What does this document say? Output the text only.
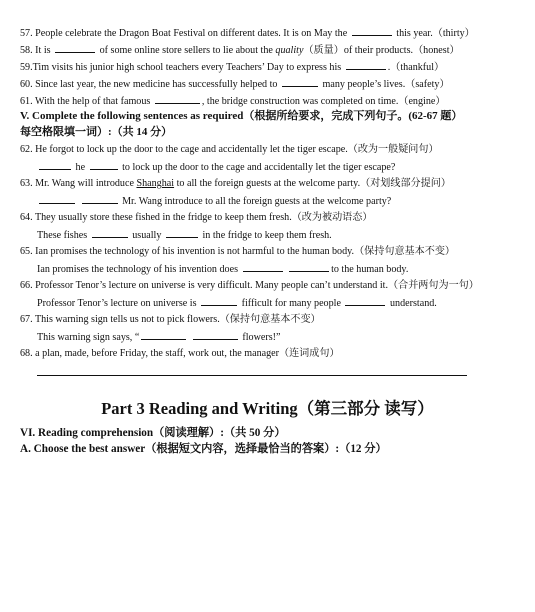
57. People celebrate the Dragon Boat Festival on different dates. It is on May the	this year.（thirty）
58. It is	of some online store sellers to lie about the quality（质量）of their products.（honest）
59.Tim visits his junior high school teachers every Teachers’ Day to express his	.（thankful）
60. Since last year, the new medicine has successfully helped to	many people’s lives.（safety）
61. With the help of that famous	, the bridge construction was completed on time.（engine）
V. Complete the following sentences as required（根据所给要求，完成下列句子。(62-67 题）
每空格限填一词）:（共 14 分）
62. He forgot to lock up the door to the cage and accidentally let the tiger escape.（改为一般疑问句）
he	to lock up the door to the cage and accidentally let the tiger escape?
63. Mr. Wang will introduce Shanghai to all the foreign guests at the welcome party.（对划线部分提问）
Mr. Wang introduce to all the foreign guests at the welcome party?
64. They usually store these fished in the fridge to keep them fresh.（改为被动语态）
These fishes	usually	in the fridge to keep them fresh.
65. Ian promises the technology of his invention is not harmful to the human body.（保持句意基本不变）
Ian promises the technology of his invention does	to the human body.
66. Professor Tenor’s lecture on universe is very difficult. Many people can’t understand it.（合并两句为一句）
Professor Tenor’s lecture on universe is	fifficult for many people	understand.
67. This warning sign tells us not to pick flowers.（保持句意基本不变）
This warning sign says, “	flowers!”
68. a plan, made, before Friday, the staff, work out, the manager（连词成句）
Part 3 Reading and Writing（第三部分 读写）
VI. Reading comprehension（阅读理解）:（共 50 分）
A. Choose the best answer（根据短文内容，选择最恰当的答案）:（12 分）
